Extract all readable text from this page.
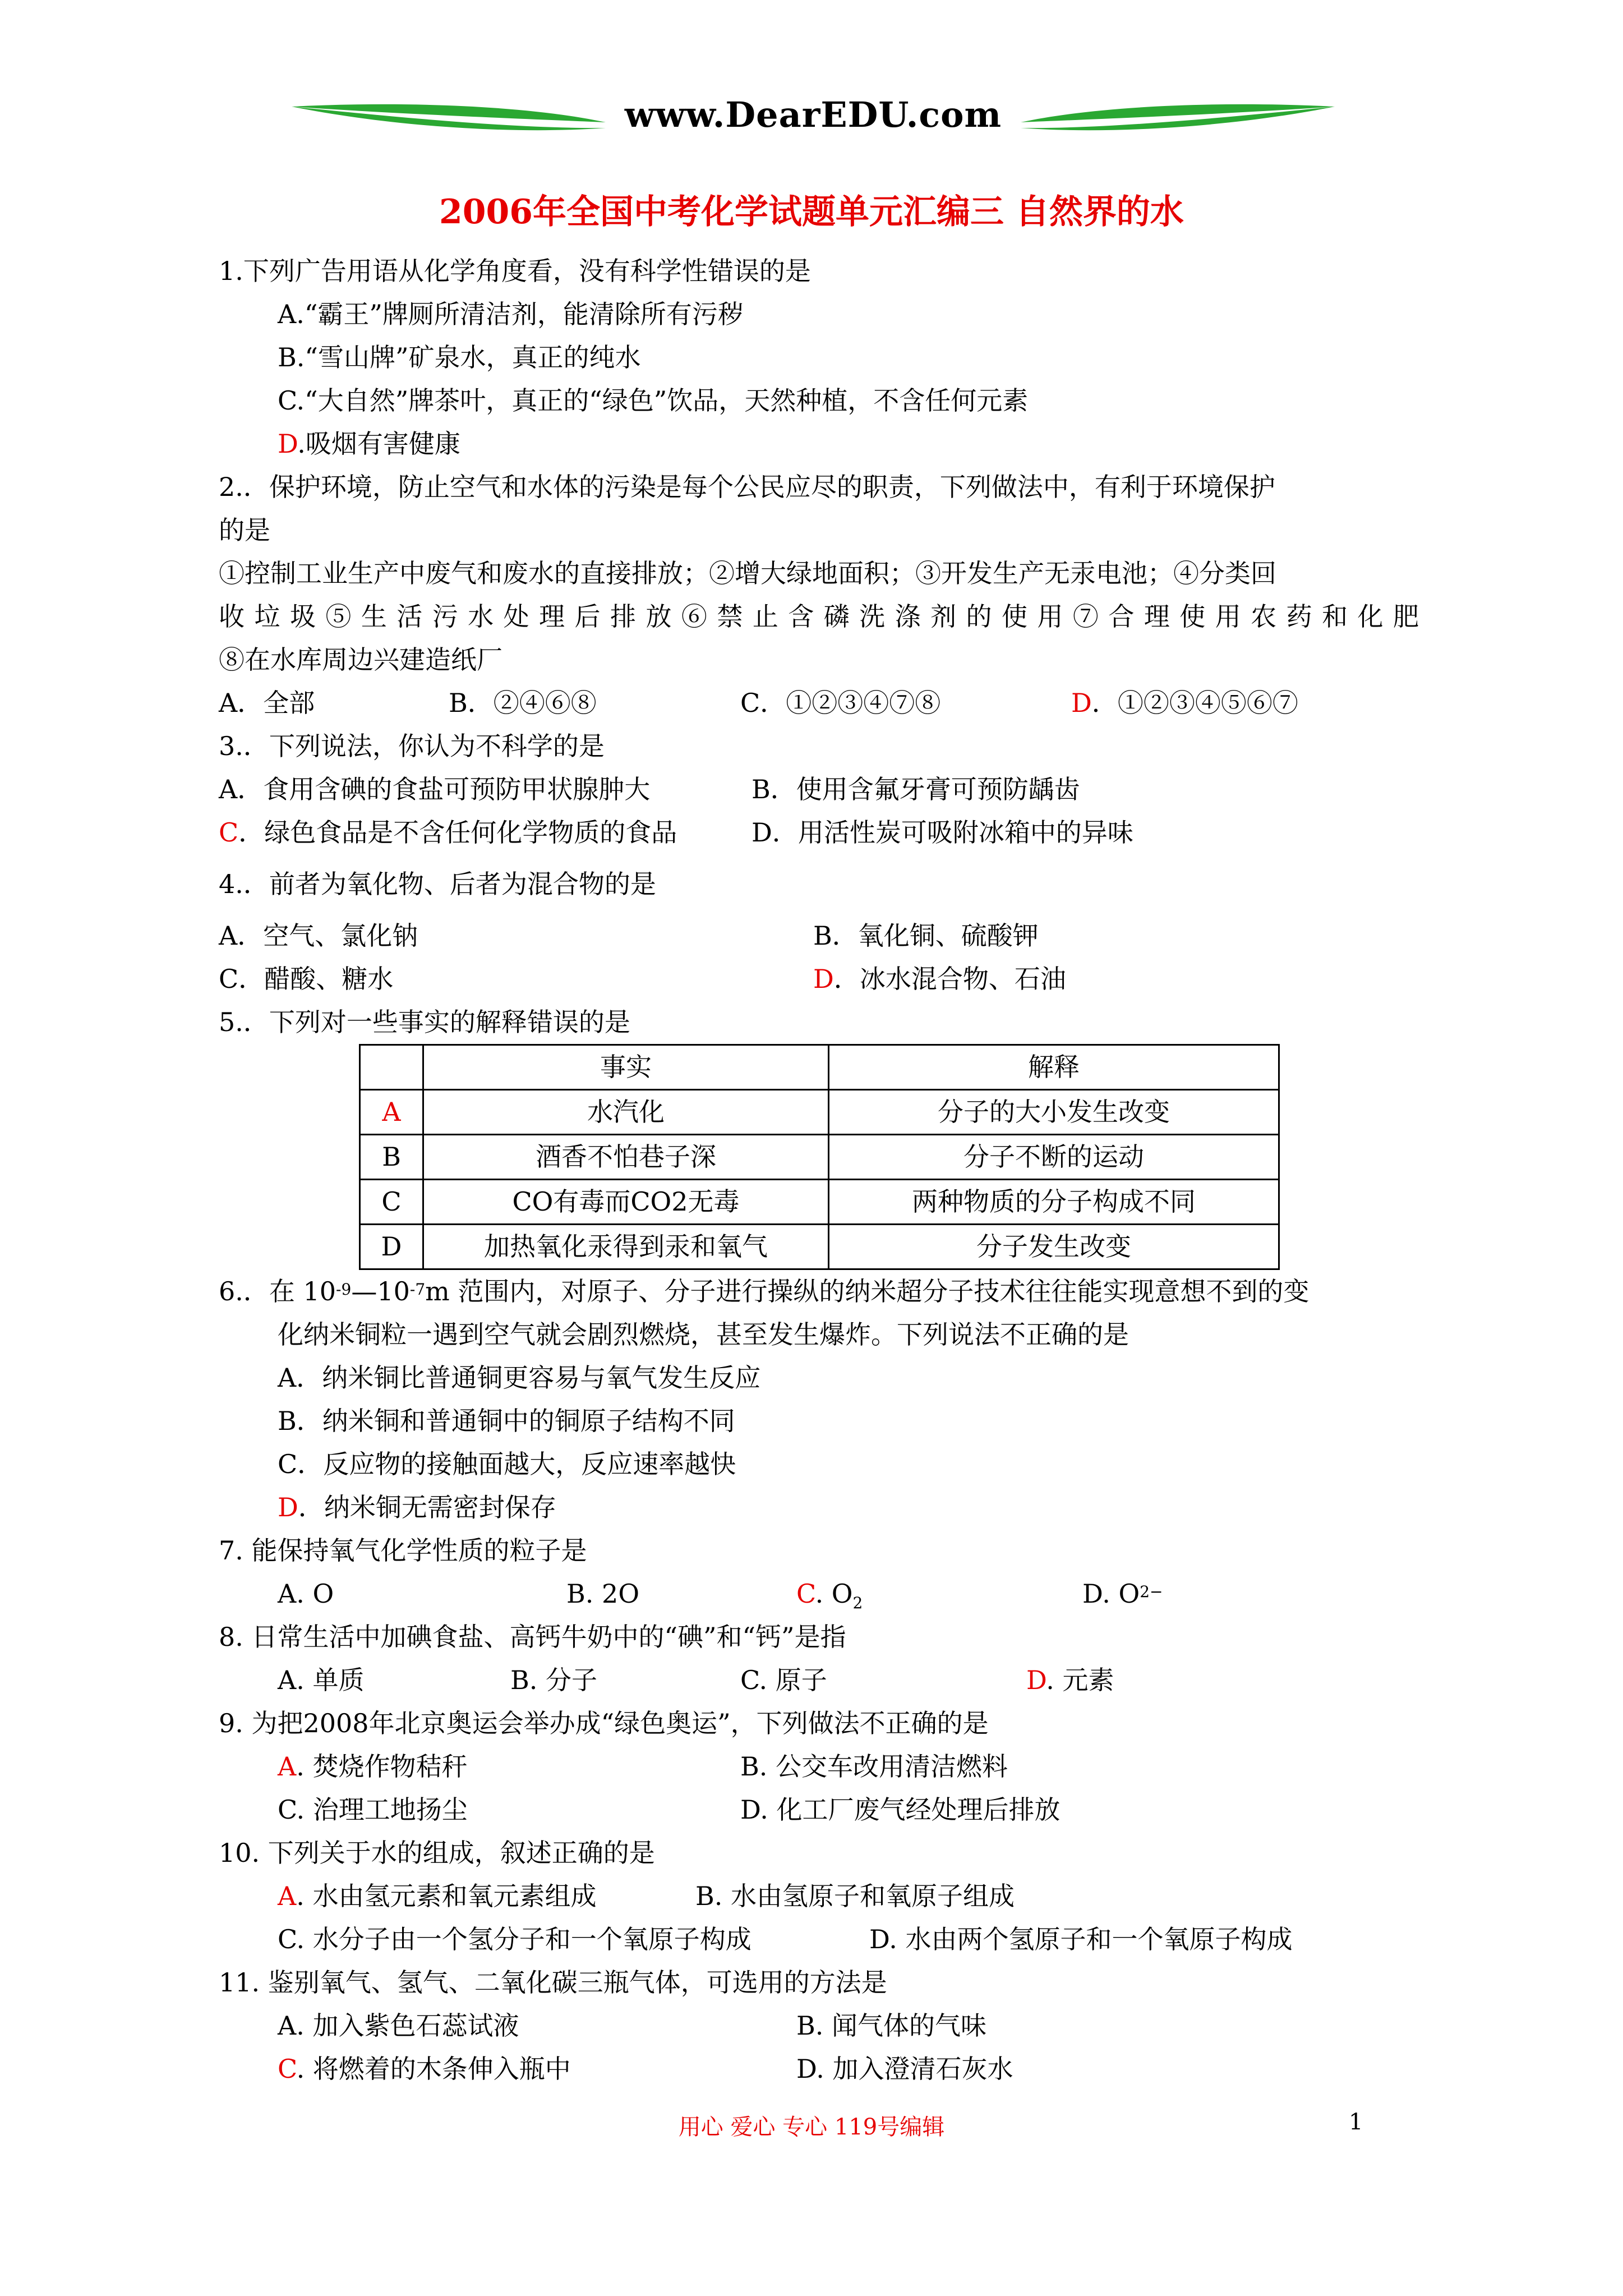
www.DearEDU.com
2006年全国中考化学试题单元汇编三 自然界的水
1.下列广告用语从化学角度看，没有科学性错误的是
A.“霸王”牌厕所清洁剂，能清除所有污秽
B.“雪山牌”矿泉水，真正的纯水
C.“大自然”牌茶叶，真正的“绿色”饮品，天然种植，不含任何元素
D.吸烟有害健康
2.．保护环境，防止空气和水体的污染是每个公民应尽的职责，下列做法中，有利于环境保护
的是
①控制工业生产中废气和废水的直接排放；②增大绿地面积；③开发生产无汞电池；④分类回
收垃圾⑤生活污水处理后排放⑥禁止含磷洗涤剂的使用⑦合理使用农药和化肥
⑧在水库周边兴建造纸厂
A．全部	B．②④⑥⑧	C．①②③④⑦⑧	D．①②③④⑤⑥⑦
3.．下列说法，你认为不科学的是
A．食用含碘的食盐可预防甲状腺肿大	B．使用含氟牙膏可预防龋齿
C．绿色食品是不含任何化学物质的食品	D．用活性炭可吸附冰箱中的异味
4.．前者为氧化物、后者为混合物的是
A．空气、氯化钠	B．氧化铜、硫酸钾
C．醋酸、糖水	D．冰水混合物、石油
5.．下列对一些事实的解释错误的是
	事实	解释
A	水汽化	分子的大小发生改变
B	酒香不怕巷子深	分子不断的运动
C	CO有毒而CO2无毒	两种物质的分子构成不同
D	加热氧化汞得到汞和氧气	分子发生改变
6.．在 $10^{-9}—10^{-7}m$ 范围内，对原子、分子进行操纵的纳米超分子技术往往能实现意想不到的变
化纳米铜粒一遇到空气就会剧烈燃烧，甚至发生爆炸。下列说法不正确的是
A．纳米铜比普通铜更容易与氧气发生反应
B．纳米铜和普通铜中的铜原子结构不同
C．反应物的接触面越大，反应速率越快
D．纳米铜无需密封保存
7. 能保持氧气化学性质的粒子是
A. O	B. 2O	C. $O_2$	D. $O^{2-}$
8. 日常生活中加碘食盐、高钙牛奶中的“碘”和“钙”是指
A. 单质	B. 分子	C. 原子	D. 元素
9. 为把2008年北京奥运会举办成“绿色奥运”，下列做法不正确的是
A. 焚烧作物秸秆	B. 公交车改用清洁燃料
C. 治理工地扬尘	D. 化工厂废气经处理后排放
10. 下列关于水的组成，叙述正确的是
A. 水由氢元素和氧元素组成	B. 水由氢原子和氧原子组成
C. 水分子由一个氢分子和一个氧原子构成	D. 水由两个氢原子和一个氧原子构成
11. 鉴别氧气、氢气、二氧化碳三瓶气体，可选用的方法是
A. 加入紫色石蕊试液	B. 闻气体的气味
C. 将燃着的木条伸入瓶中	D. 加入澄清石灰水
用心 爱心 专心 119号编辑	1
